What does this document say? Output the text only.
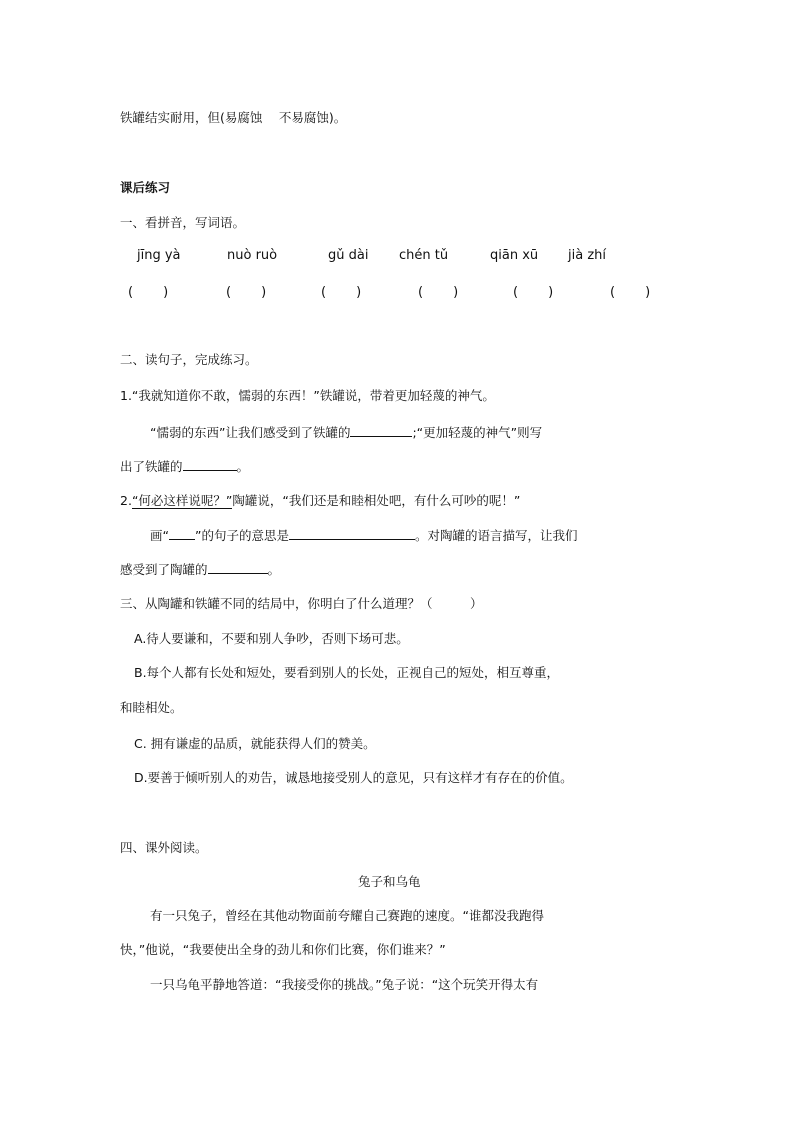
铁罐结实耐用，但(易腐蚀　 不易腐蚀)。
课后练习
一、看拼音，写词语。
jīng yà	nuò ruò	gǔ dài chén tǔ	qiān xū jià zhí
( )	( )	( )	( )	( )	( )
二、读句子，完成练习。
1.“我就知道你不敢，懦弱的东西！”铁罐说，带着更加轻蔑的神气。
“懦弱的东西”让我们感受到了铁罐的	;“更加轻蔑的神气”则写
出了铁罐的	。
2.“何必这样说呢？”陶罐说，“我们还是和睦相处吧，有什么可吵的呢！”
画“ ”的句子的意思是	。对陶罐的语言描写，让我们
感受到了陶罐的	。
三、从陶罐和铁罐不同的结局中，你明白了什么道理？（　　　）
A.待人要谦和，不要和别人争吵，否则下场可悲。
B.每个人都有长处和短处，要看到别人的长处，正视自己的短处，相互尊重，
和睦相处。
C. 拥有谦虚的品质，就能获得人们的赞美。
D.要善于倾听别人的劝告，诚恳地接受别人的意见，只有这样才有存在的价值。
四、课外阅读。
兔子和乌龟
有一只兔子，曾经在其他动物面前夸耀自己赛跑的速度。“谁都没我跑得
快，”他说，“我要使出全身的劲儿和你们比赛，你们谁来？”
一只乌龟平静地答道：“我接受你的挑战。”兔子说：“这个玩笑开得太有
